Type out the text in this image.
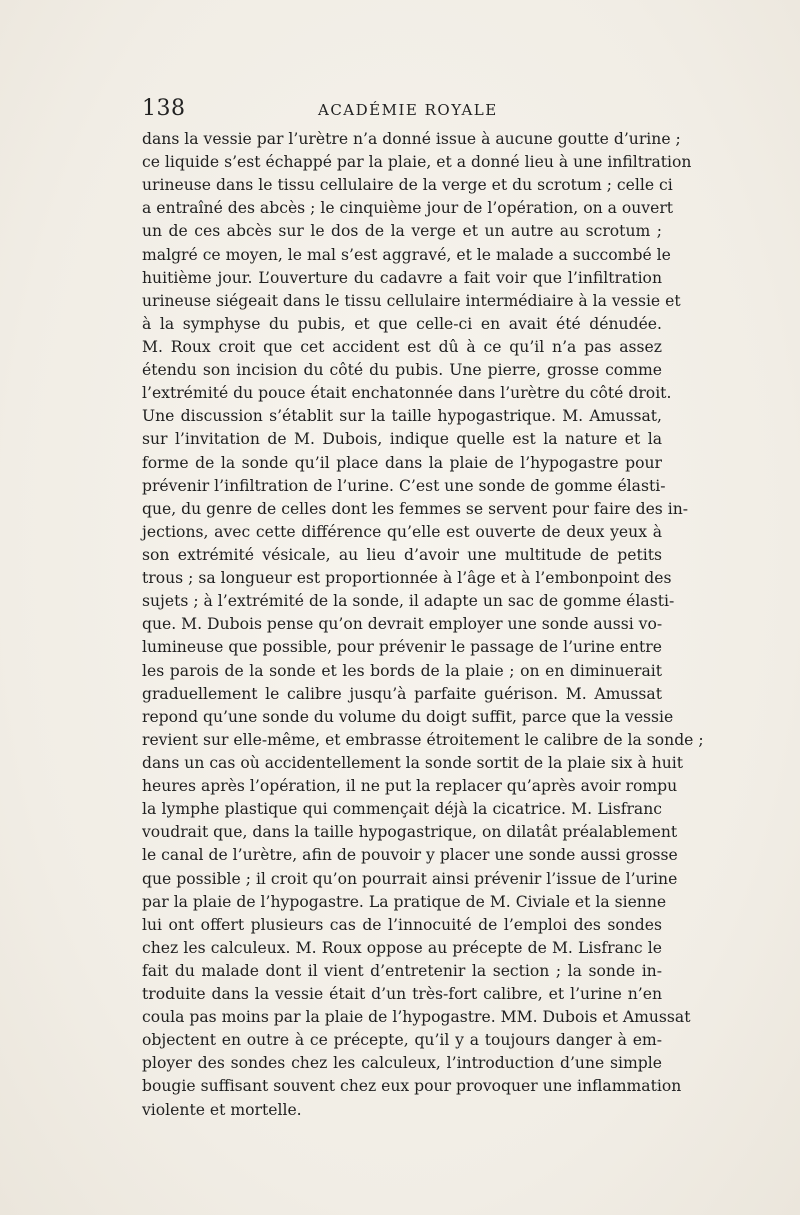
138	ACADÉMIE ROYALE
dans la vessie par l’urètre n’a donné issue à aucune goutte d’urine ;
ce liquide s’est échappé par la plaie, et a donné lieu à une infiltration
urineuse dans le tissu cellulaire de la verge et du scrotum ; celle ci
a entraîné des abcès ; le cinquième jour de l’opération, on a ouvert
un de ces abcès sur le dos de la verge et un autre au scrotum ;
malgré ce moyen, le mal s’est aggravé, et le malade a succombé le
huitième jour. L’ouverture du cadavre a fait voir que l’infiltration
urineuse siégeait dans le tissu cellulaire intermédiaire à la vessie et
à la symphyse du pubis, et que celle-ci en avait été dénudée.
M. Roux croit que cet accident est dû à ce qu’il n’a pas assez
étendu son incision du côté du pubis. Une pierre, grosse comme
l’extrémité du pouce était enchatonnée dans l’urètre du côté droit.
Une discussion s’établit sur la taille hypogastrique. M. Amussat,
sur l’invitation de M. Dubois, indique quelle est la nature et la
forme de la sonde qu’il place dans la plaie de l’hypogastre pour
prévenir l’infiltration de l’urine. C’est une sonde de gomme élasti-
que, du genre de celles dont les femmes se servent pour faire des in-
jections, avec cette différence qu’elle est ouverte de deux yeux à
son extrémité vésicale, au lieu d’avoir une multitude de petits
trous ; sa longueur est proportionnée à l’âge et à l’embonpoint des
sujets ; à l’extrémité de la sonde, il adapte un sac de gomme élasti-
que. M. Dubois pense qu’on devrait employer une sonde aussi vo-
lumineuse que possible, pour prévenir le passage de l’urine entre
les parois de la sonde et les bords de la plaie ; on en diminuerait
graduellement le calibre jusqu’à parfaite guérison. M. Amussat
repond qu’une sonde du volume du doigt suffit, parce que la vessie
revient sur elle-même, et embrasse étroitement le calibre de la sonde ;
dans un cas où accidentellement la sonde sortit de la plaie six à huit
heures après l’opération, il ne put la replacer qu’après avoir rompu
la lymphe plastique qui commençait déjà la cicatrice. M. Lisfranc
voudrait que, dans la taille hypogastrique, on dilatât préalablement
le canal de l’urètre, afin de pouvoir y placer une sonde aussi grosse
que possible ; il croit qu’on pourrait ainsi prévenir l’issue de l’urine
par la plaie de l’hypogastre. La pratique de M. Civiale et la sienne
lui ont offert plusieurs cas de l’innocuité de l’emploi des sondes
chez les calculeux. M. Roux oppose au précepte de M. Lisfranc le
fait du malade dont il vient d’entretenir la section ; la sonde in-
troduite dans la vessie était d’un très-fort calibre, et l’urine n’en
coula pas moins par la plaie de l’hypogastre. MM. Dubois et Amussat
objectent en outre à ce précepte, qu’il y a toujours danger à em-
ployer des sondes chez les calculeux, l’introduction d’une simple
bougie suffisant souvent chez eux pour provoquer une inflammation
violente et mortelle.
